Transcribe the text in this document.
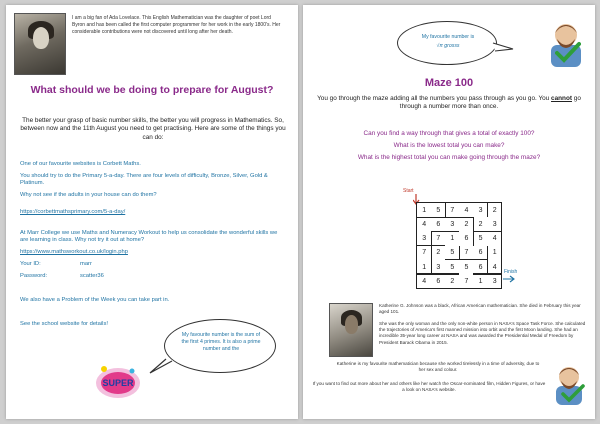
I am a big fan of Ada Lovelace. This English Mathematician was the daughter of poet Lord Byron and has been called the first computer programmer for her work in the early 1800's. Her considerable contributions were not discovered until long after her death.
What should we be doing to prepare for August?
The better your grasp of basic number skills, the better you will progress in Mathematics. So, between now and the 11th August you need to get practising. Here are some of the things you can do:
One of our favourite websites is Corbett Maths.
You should try to do the Primary 5-a-day. There are four levels of difficulty, Bronze, Silver, Gold & Platinum.
Why not see if the adults in your house can do them?
https://corbettmathsprimary.com/5-a-day/
At Marr College we use Maths and Numeracy Workout to help us consolidate the wonderful skills we are learning in class. Why not try it out at home?
https://www.mathsworkout.co.uk/login.php
Your ID:	marr
Password:	scatter36
We also have a Problem of the Week you can take part in.
See the school website for details!
My favourite number is the sum of the first 4 primes. It is also a prime number and the
SUPER
My favourite number is
√π grosss
Maze 100
You go through the maze adding all the numbers you pass through as you go. You cannot go through a number more than once.
Can you find a way through that gives a total of exactly 100?
What is the lowest total you can make?
What is the highest total you can make going through the maze?
Start
1	5	7	4	3	2
4	6	3	2	2	3
3	7	1	6	5	4
7	2	5	7	6	1
1	3	5	5	6	4
4	6	2	7	1	3
Finish
Katherine G. Johnson was a black, African American mathematician. She died in February this year aged 101.
She was the only woman and the only non-white person in NASA's Space Task Force. She calculated the trajectories of America's first manned mission into orbit and the first Moon landing. She had an incredible 35-year long career at NASA and was awarded the Presidential Medal of Freedom by President Barack Obama in 2015.
Katherine is my favourite mathematician because she worked tirelessly in a time of adversity, due to her sex and colour.
If you want to find out more about her and others like her watch the Oscar-nominated film, Hidden Figures, or have a look on NASA's website.
